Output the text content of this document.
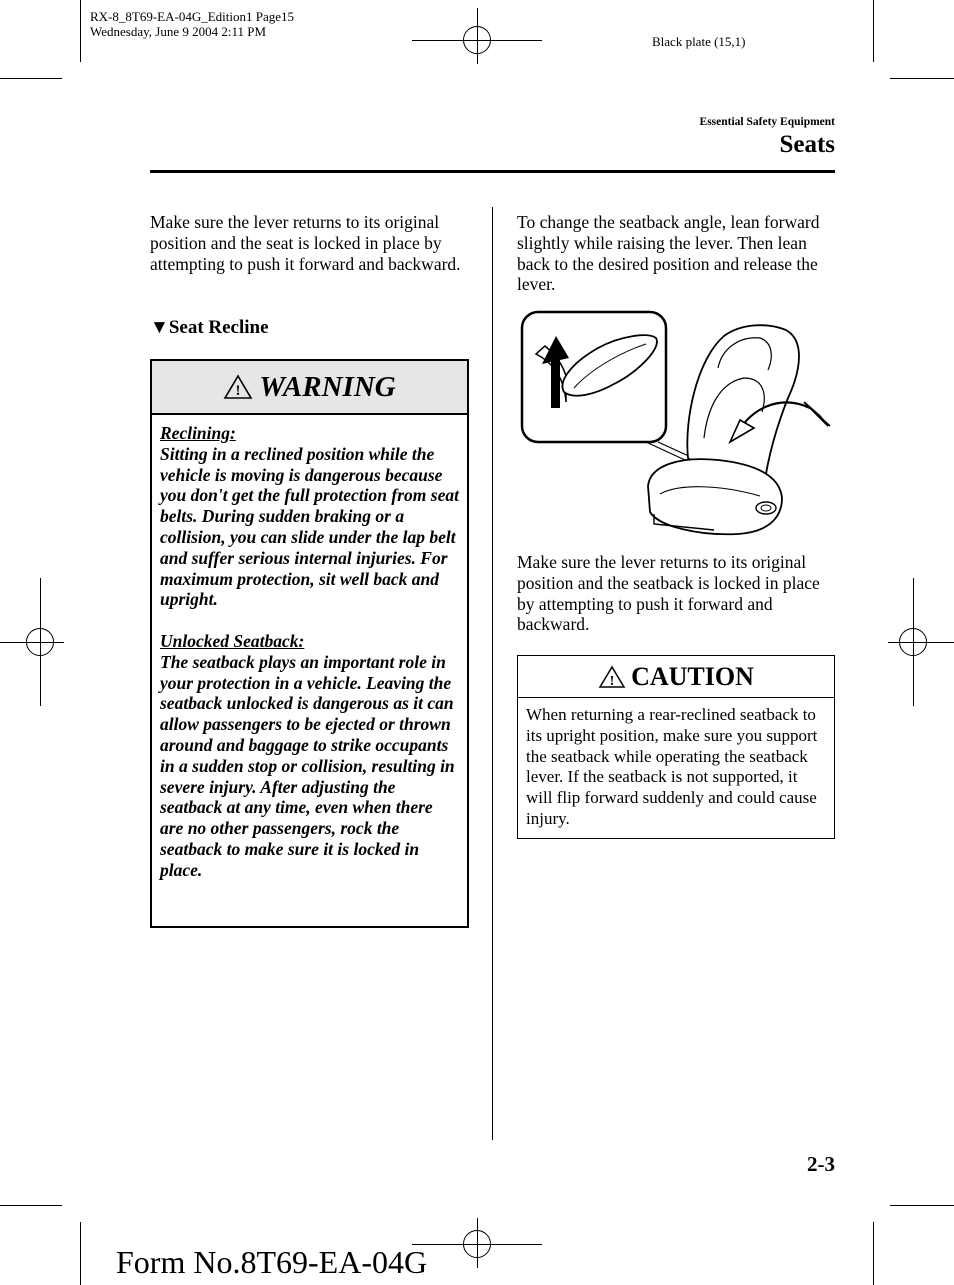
RX-8_8T69-EA-04G_Edition1 Page15
Wednesday, June 9 2004 2:11 PM
Black plate (15,1)
Essential Safety Equipment
Seats
Make sure the lever returns to its original position and the seat is locked in place by attempting to push it forward and backward.
▼Seat Recline
! WARNING
Reclining:
Sitting in a reclined position while the vehicle is moving is dangerous because you don't get the full protection from seat belts. During sudden braking or a collision, you can slide under the lap belt and suffer serious internal injuries. For maximum protection, sit well back and upright.
Unlocked Seatback:
The seatback plays an important role in your protection in a vehicle. Leaving the seatback unlocked is dangerous as it can allow passengers to be ejected or thrown around and baggage to strike occupants in a sudden stop or collision, resulting in severe injury. After adjusting the seatback at any time, even when there are no other passengers, rock the seatback to make sure it is locked in place.
To change the seatback angle, lean forward slightly while raising the lever. Then lean back to the desired position and release the lever.
Make sure the lever returns to its original position and the seatback is locked in place by attempting to push it forward and backward.
! CAUTION
When returning a rear-reclined seatback to its upright position, make sure you support the seatback while operating the seatback lever. If the seatback is not supported, it will flip forward suddenly and could cause injury.
2-3
Form No.8T69-EA-04G
